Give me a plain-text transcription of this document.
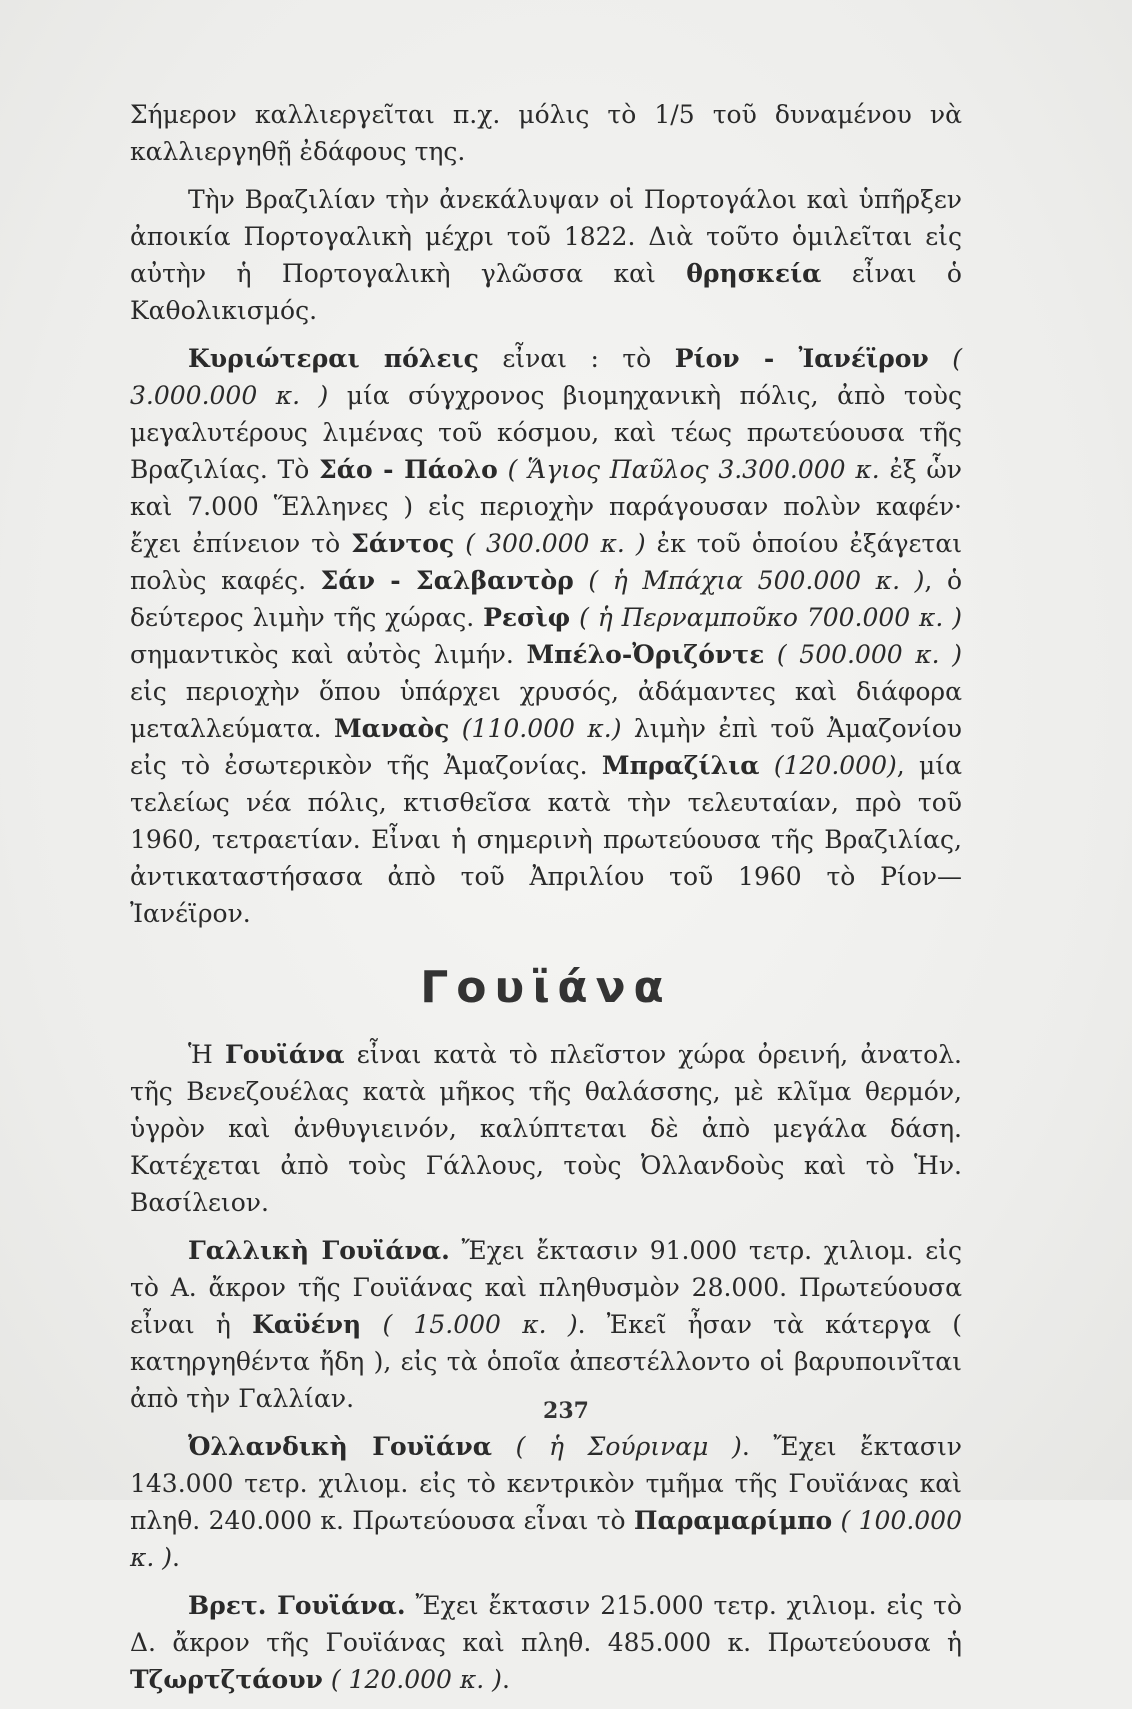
Σήμερον καλλιεργεῖται π.χ. μόλις τὸ 1/5 τοῦ δυναμένου νὰ καλλιεργηθῇ ἐδάφους της.

Τὴν Βραζιλίαν τὴν ἀνεκάλυψαν οἱ Πορτογάλοι καὶ ὑπῆρξεν ἀποικία Πορτογαλικὴ μέχρι τοῦ 1822. Διὰ τοῦτο ὁμιλεῖται εἰς αὐτὴν ἡ Πορτογαλικὴ γλῶσσα καὶ θρησκεία εἶναι ὁ Καθολικισμός.

Κυριώτεραι πόλεις εἶναι : τὸ Ρίον - Ἰανέϊρον ( 3.000.000 κ. ) μία σύγχρονος βιομηχανικὴ πόλις, ἀπὸ τοὺς μεγαλυτέρους λιμένας τοῦ κόσμου, καὶ τέως πρωτεύουσα τῆς Βραζιλίας. Τὸ Σάο - Πάολο ( Ἅγιος Παῦλος 3.300.000 κ. ἐξ ὧν καὶ 7.000 Ἕλληνες ) εἰς περιοχὴν παράγουσαν πολὺν καφέν· ἔχει ἐπίνειον τὸ Σάντος ( 300.000 κ. ) ἐκ τοῦ ὁποίου ἐξάγεται πολὺς καφές. Σάν - Σαλβαντὸρ ( ἡ Μπάχια 500.000 κ. ), ὁ δεύτερος λιμὴν τῆς χώρας. Ρεσὶφ ( ἡ Περναμποῦκο 700.000 κ. ) σημαντικὸς καὶ αὐτὸς λιμήν. Μπέλο-Ὀριζόντε ( 500.000 κ. ) εἰς περιοχὴν ὅπου ὑπάρχει χρυσός, ἀδάμαντες καὶ διάφορα μεταλλεύματα. Μαναὸς (110.000 κ.) λιμὴν ἐπὶ τοῦ Ἀμαζονίου εἰς τὸ ἐσωτερικὸν τῆς Ἀμαζονίας. Μπραζίλια (120.000), μία τελείως νέα πόλις, κτισθεῖσα κατὰ τὴν τελευταίαν, πρὸ τοῦ 1960, τετραετίαν. Εἶναι ἡ σημερινὴ πρωτεύουσα τῆς Βραζιλίας, ἀντικαταστήσασα ἀπὸ τοῦ Ἀπριλίου τοῦ 1960 τὸ Ρίον—Ἰανέϊρον.

Γουϊάνα

Ἡ Γουϊάνα εἶναι κατὰ τὸ πλεῖστον χώρα ὀρεινή, ἀνατολ. τῆς Βενεζουέλας κατὰ μῆκος τῆς θαλάσσης, μὲ κλῖμα θερμόν, ὑγρὸν καὶ ἀνθυγιεινόν, καλύπτεται δὲ ἀπὸ μεγάλα δάση. Κατέχεται ἀπὸ τοὺς Γάλλους, τοὺς Ὀλλανδοὺς καὶ τὸ Ἡν. Βασίλειον.

Γαλλικὴ Γουϊάνα. Ἔχει ἔκτασιν 91.000 τετρ. χιλιομ. εἰς τὸ Α. ἄκρον τῆς Γουϊάνας καὶ πληθυσμὸν 28.000. Πρωτεύουσα εἶναι ἡ Καϋένη ( 15.000 κ. ). Ἐκεῖ ἦσαν τὰ κάτεργα ( κατηργηθέντα ἤδη ), εἰς τὰ ὁποῖα ἀπεστέλλοντο οἱ βαρυποινῖται ἀπὸ τὴν Γαλλίαν.

Ὀλλανδικὴ Γουϊάνα ( ἡ Σούριναμ ). Ἔχει ἔκτασιν 143.000 τετρ. χιλιομ. εἰς τὸ κεντρικὸν τμῆμα τῆς Γουϊάνας καὶ πληθ. 240.000 κ. Πρωτεύουσα εἶναι τὸ Παραμαρίμπο ( 100.000 κ. ).

Βρετ. Γουϊάνα. Ἔχει ἔκτασιν 215.000 τετρ. χιλιομ. εἰς τὸ Δ. ἄκρον τῆς Γουϊάνας καὶ πληθ. 485.000 κ. Πρωτεύουσα ἡ Τζωρτζτάουν ( 120.000 κ. ).

237
